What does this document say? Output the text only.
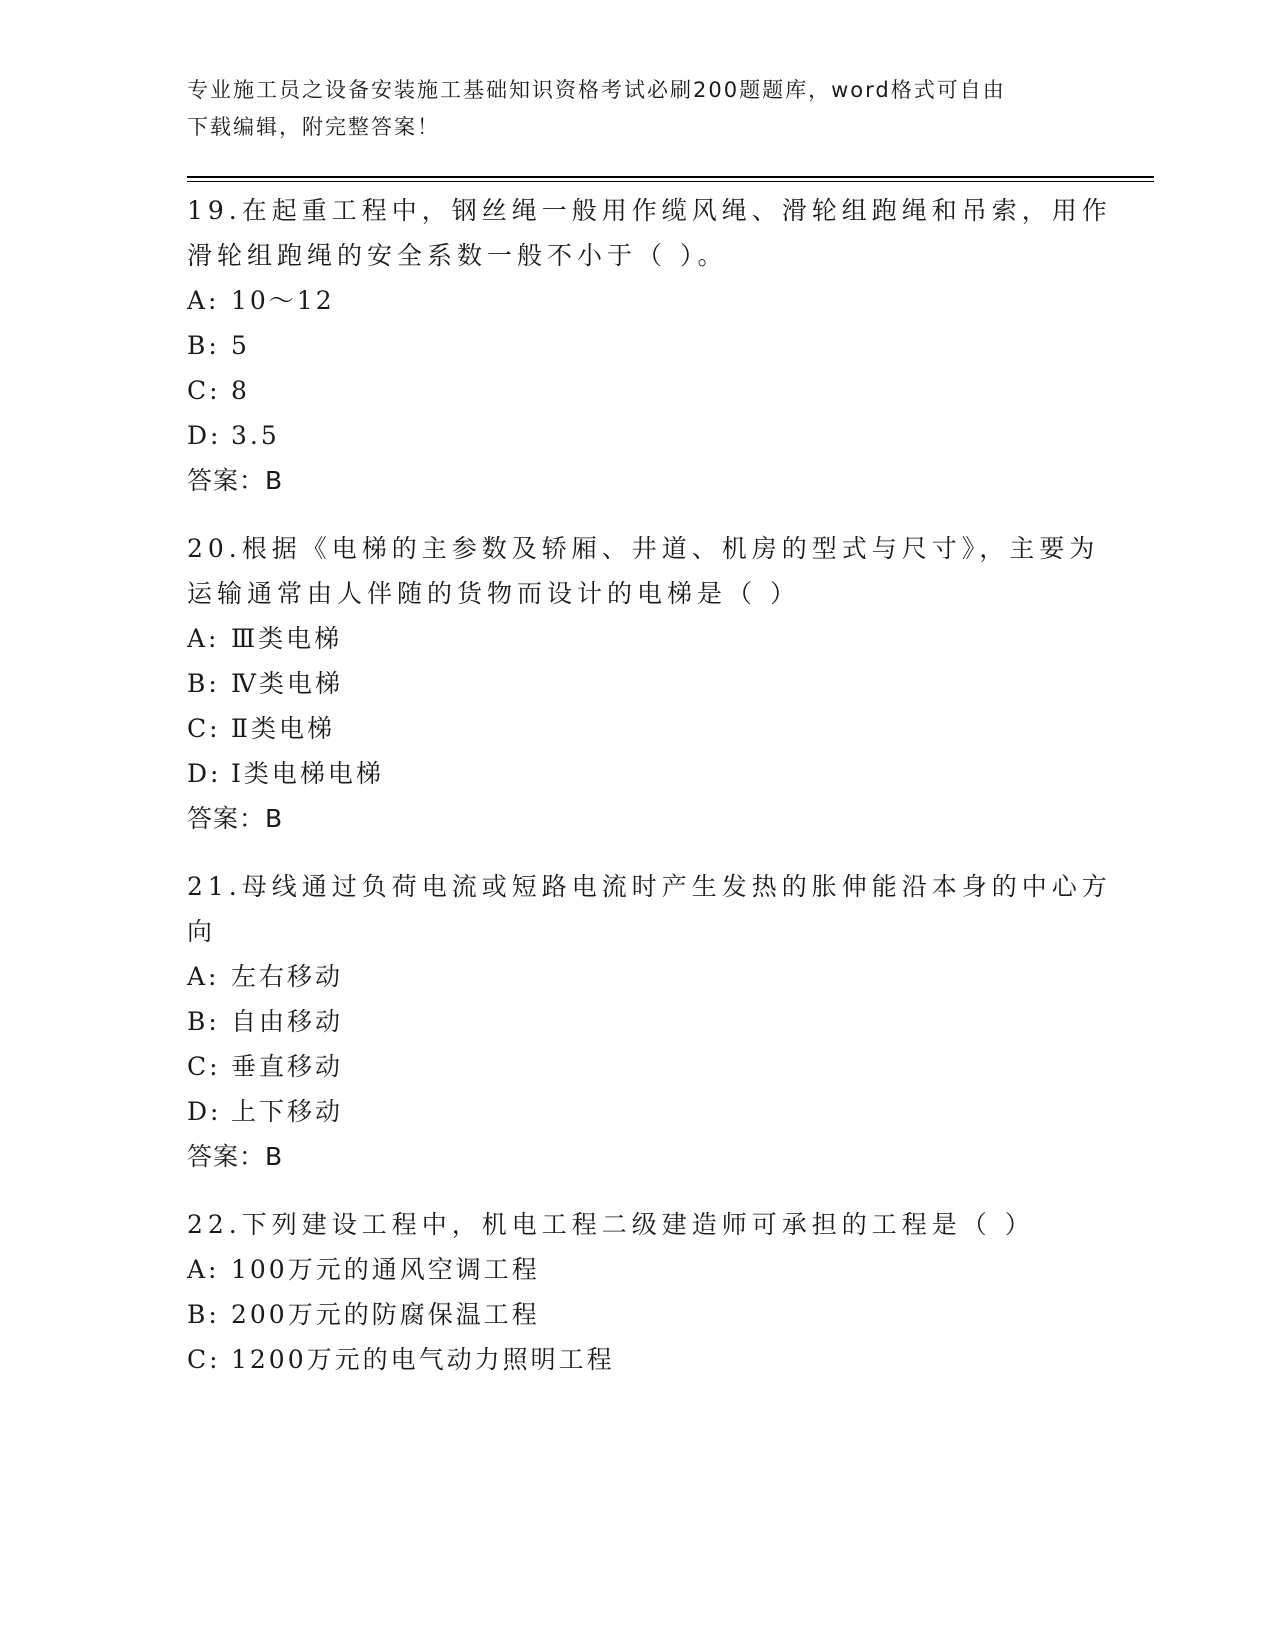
专业施工员之设备安装施工基础知识资格考试必刷200题题库，word格式可自由
下载编辑，附完整答案！
19.在起重工程中，钢丝绳一般用作缆风绳、滑轮组跑绳和吊索，用作
滑轮组跑绳的安全系数一般不小于（ ）。
A: 10～12
B: 5
C: 8
D: 3.5
答案：B
20.根据《电梯的主参数及轿厢、井道、机房的型式与尺寸》，主要为
运输通常由人伴随的货物而设计的电梯是（ ）
A: Ⅲ类电梯
B: Ⅳ类电梯
C: Ⅱ类电梯
D: Ⅰ类电梯电梯
答案：B
21.母线通过负荷电流或短路电流时产生发热的胀伸能沿本身的中心方
向
A: 左右移动
B: 自由移动
C: 垂直移动
D: 上下移动
答案：B
22.下列建设工程中，机电工程二级建造师可承担的工程是（ ）
A: 100万元的通风空调工程
B: 200万元的防腐保温工程
C: 1200万元的电气动力照明工程
